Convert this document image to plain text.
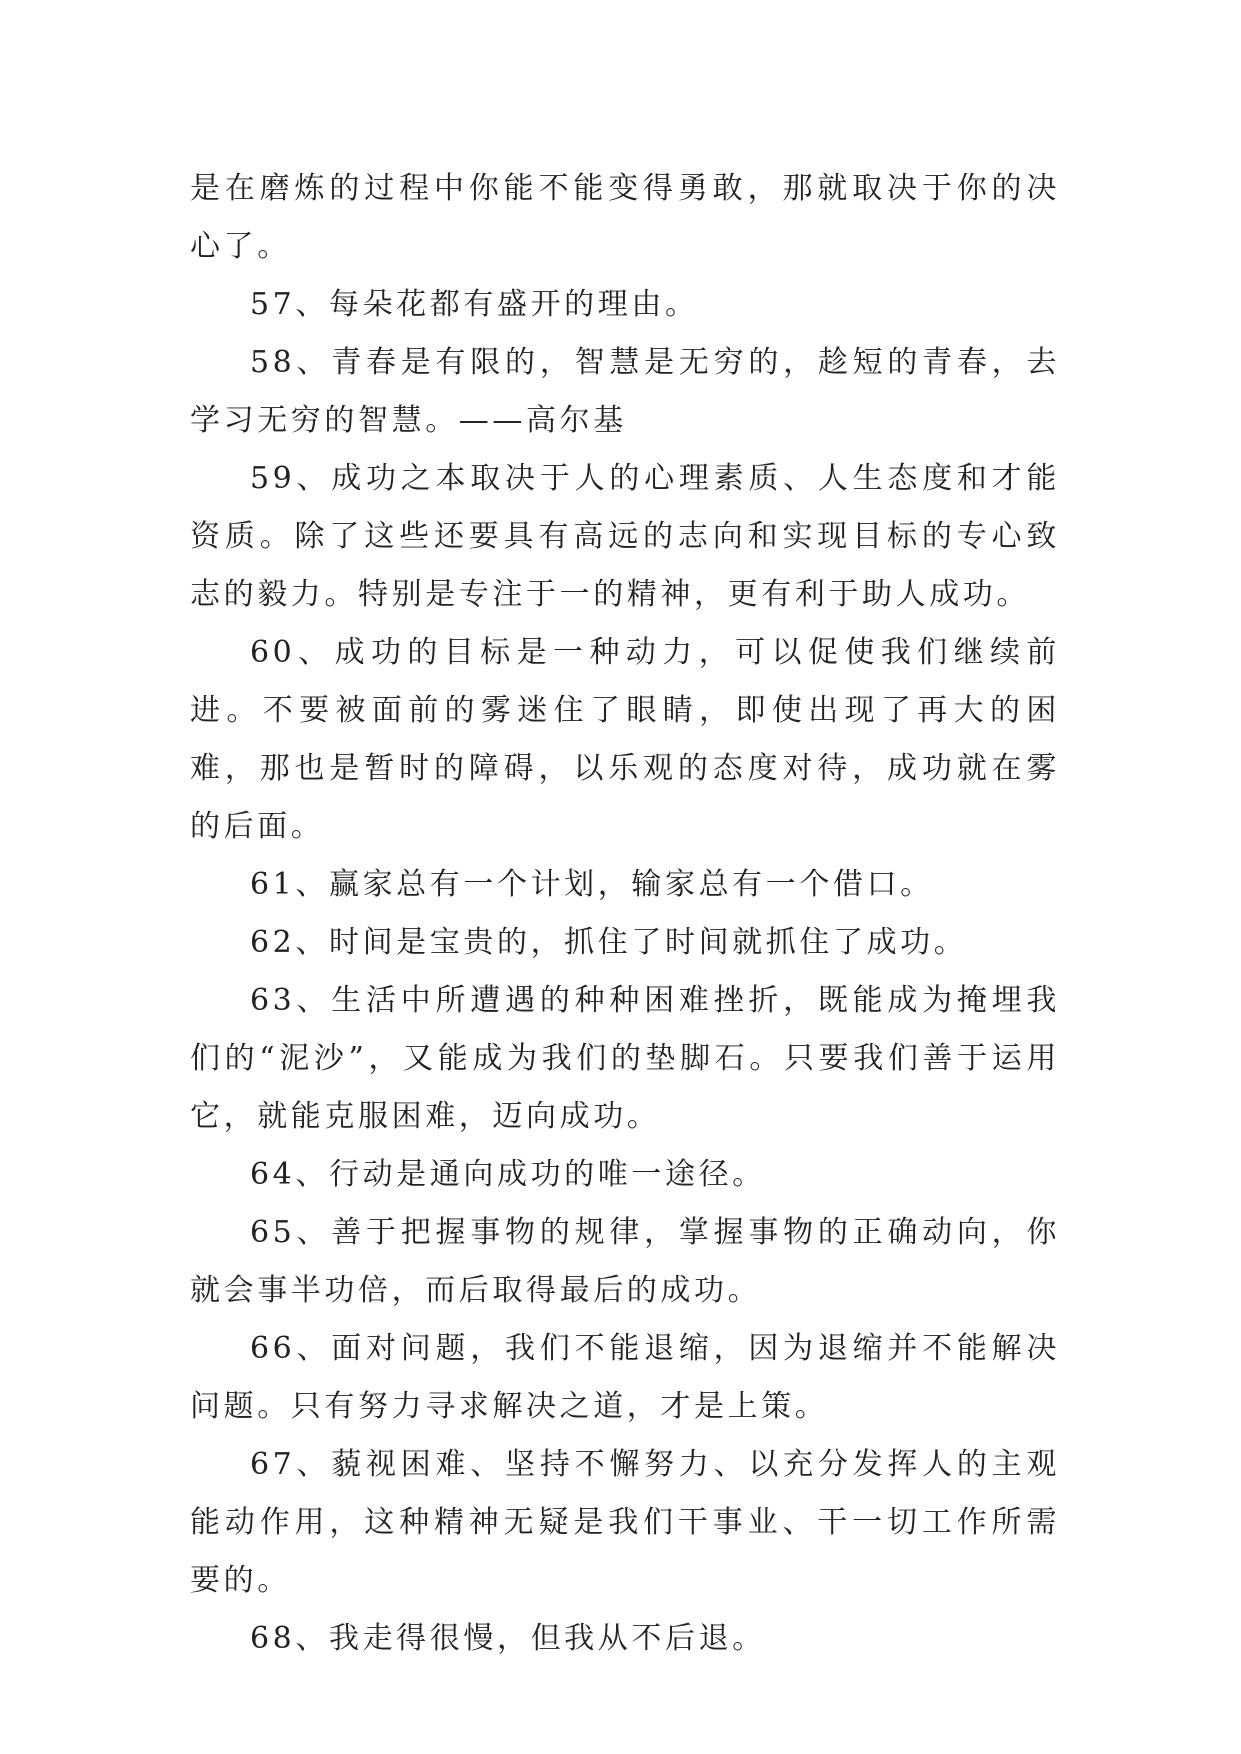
是在磨炼的过程中你能不能变得勇敢，那就取决于你的决心了。

57、每朵花都有盛开的理由。

58、青春是有限的，智慧是无穷的，趁短的青春，去学习无穷的智慧。——高尔基

59、成功之本取决于人的心理素质、人生态度和才能资质。除了这些还要具有高远的志向和实现目标的专心致志的毅力。特别是专注于一的精神，更有利于助人成功。

60、成功的目标是一种动力，可以促使我们继续前进。不要被面前的雾迷住了眼睛，即使出现了再大的困难，那也是暂时的障碍，以乐观的态度对待，成功就在雾的后面。

61、赢家总有一个计划，输家总有一个借口。

62、时间是宝贵的，抓住了时间就抓住了成功。

63、生活中所遭遇的种种困难挫折，既能成为掩埋我们的“泥沙”，又能成为我们的垫脚石。只要我们善于运用它，就能克服困难，迈向成功。

64、行动是通向成功的唯一途径。

65、善于把握事物的规律，掌握事物的正确动向，你就会事半功倍，而后取得最后的成功。

66、面对问题，我们不能退缩，因为退缩并不能解决问题。只有努力寻求解决之道，才是上策。

67、藐视困难、坚持不懈努力、以充分发挥人的主观能动作用，这种精神无疑是我们干事业、干一切工作所需要的。

68、我走得很慢，但我从不后退。
